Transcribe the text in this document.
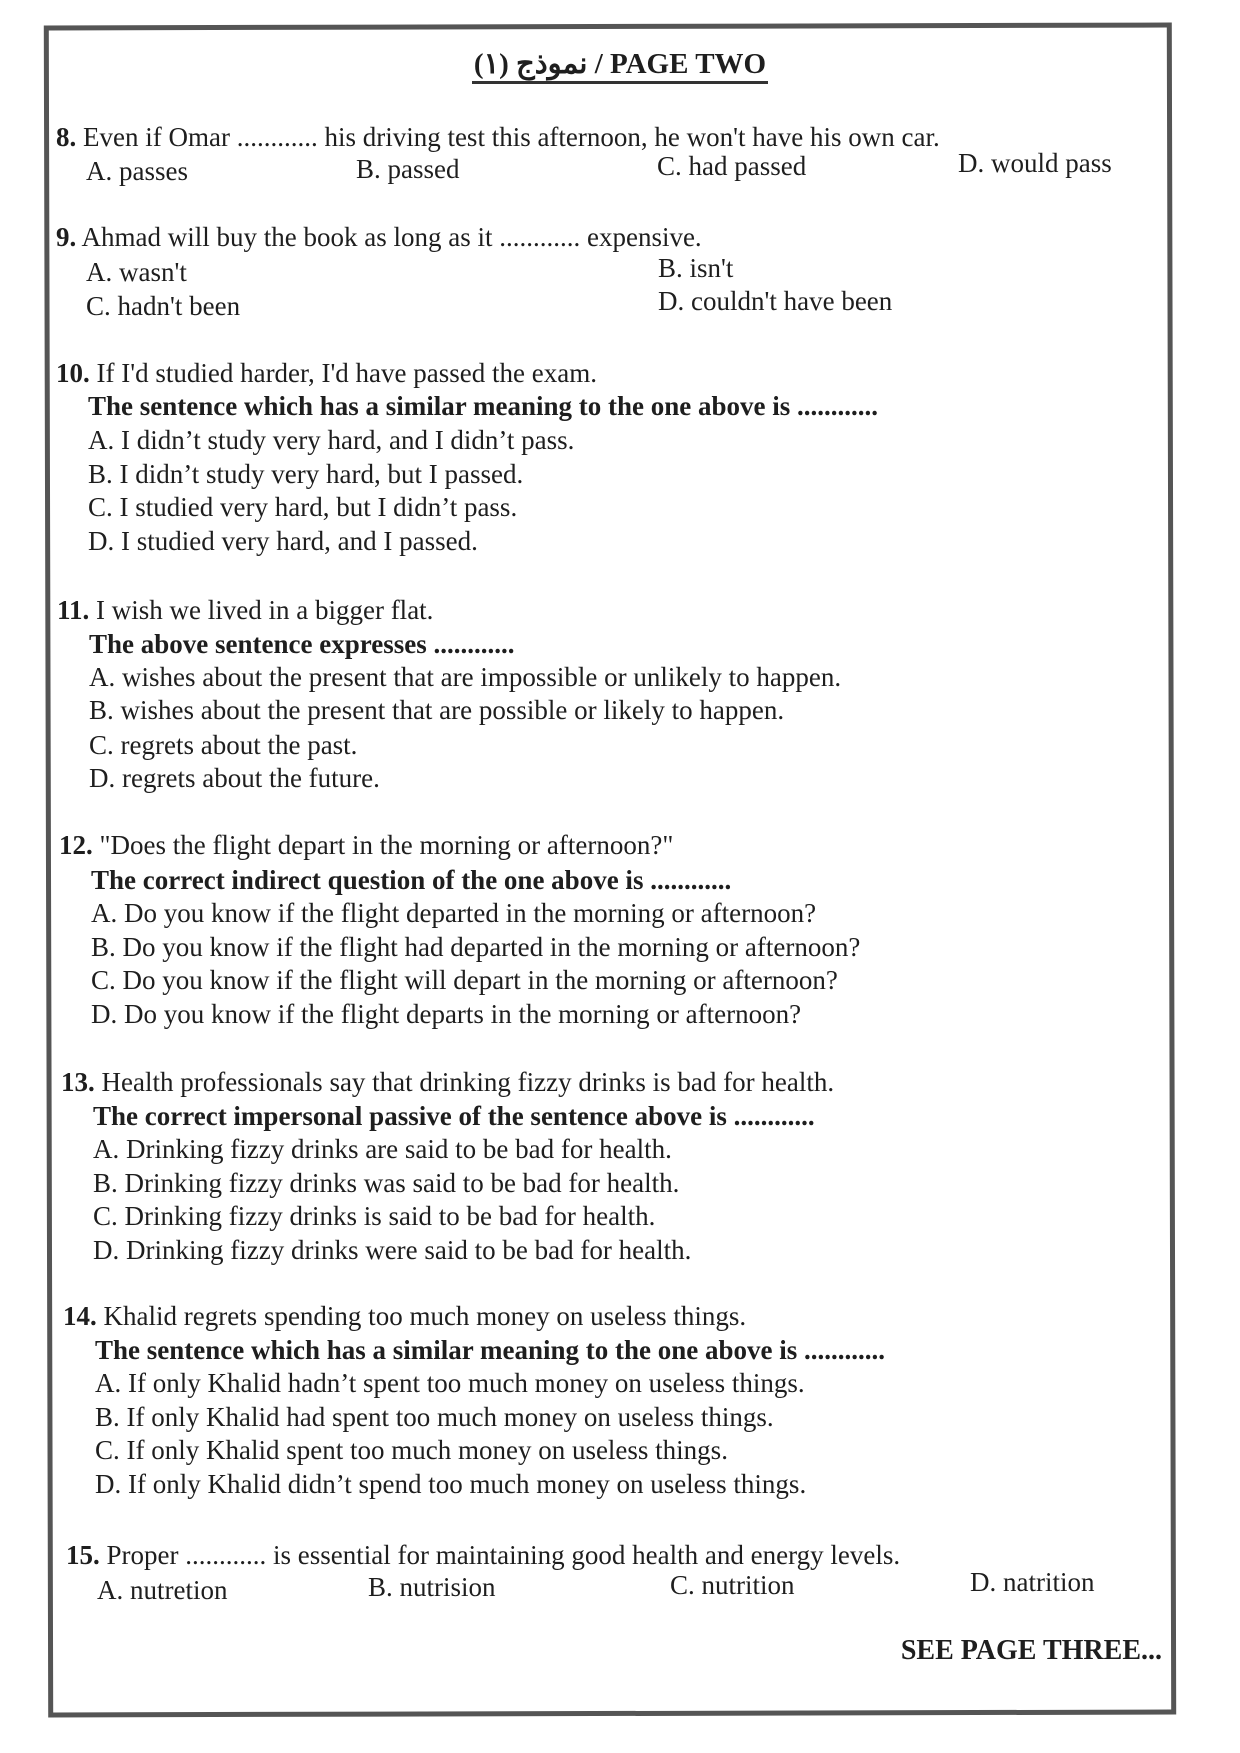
نموذج (١) / PAGE TWO
8. Even if Omar ............ his driving test this afternoon, he won't have his own car.
A. passes	B. passed	C. had passed	D. would pass
9. Ahmad will buy the book as long as it ............ expensive.
A. wasn't	B. isn't
C. hadn't been	D. couldn't have been
10. If I'd studied harder, I'd have passed the exam.
The sentence which has a similar meaning to the one above is ............
A. I didn’t study very hard, and I didn’t pass.
B. I didn’t study very hard, but I passed.
C. I studied very hard, but I didn’t pass.
D. I studied very hard, and I passed.
11. I wish we lived in a bigger flat.
The above sentence expresses ............
A. wishes about the present that are impossible or unlikely to happen.
B. wishes about the present that are possible or likely to happen.
C. regrets about the past.
D. regrets about the future.
12. "Does the flight depart in the morning or afternoon?"
The correct indirect question of the one above is ............
A. Do you know if the flight departed in the morning or afternoon?
B. Do you know if the flight had departed in the morning or afternoon?
C. Do you know if the flight will depart in the morning or afternoon?
D. Do you know if the flight departs in the morning or afternoon?
13. Health professionals say that drinking fizzy drinks is bad for health.
The correct impersonal passive of the sentence above is ............
A. Drinking fizzy drinks are said to be bad for health.
B. Drinking fizzy drinks was said to be bad for health.
C. Drinking fizzy drinks is said to be bad for health.
D. Drinking fizzy drinks were said to be bad for health.
14. Khalid regrets spending too much money on useless things.
The sentence which has a similar meaning to the one above is ............
A. If only Khalid hadn’t spent too much money on useless things.
B. If only Khalid had spent too much money on useless things.
C. If only Khalid spent too much money on useless things.
D. If only Khalid didn’t spend too much money on useless things.
15. Proper ............ is essential for maintaining good health and energy levels.
A. nutretion	B. nutrision	C. nutrition	D. natrition
SEE PAGE THREE...
